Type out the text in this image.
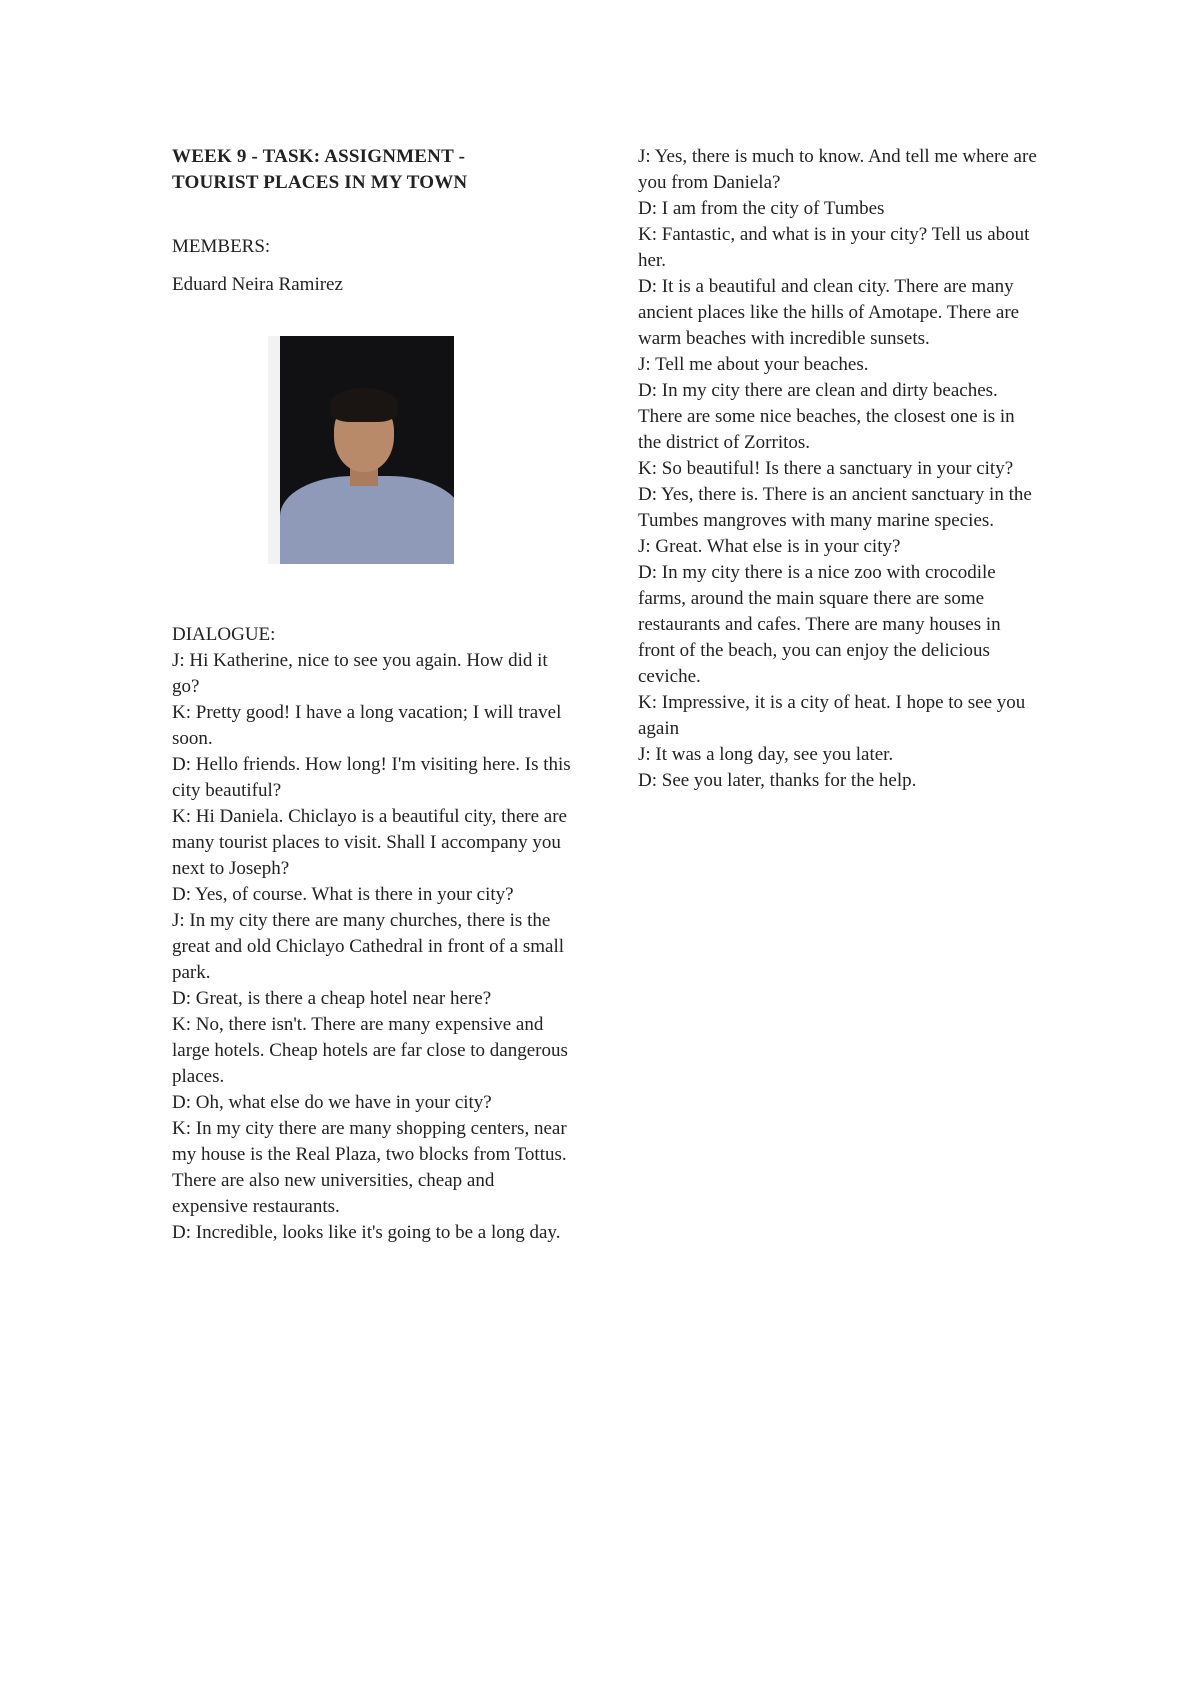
WEEK 9 - TASK: ASSIGNMENT -
TOURIST PLACES IN MY TOWN
MEMBERS:
Eduard Neira Ramirez
DIALOGUE:

J: Hi Katherine, nice to see you again. How did it go?

K: Pretty good! I have a long vacation; I will travel soon.

D: Hello friends. How long! I'm visiting here. Is this city beautiful?

K: Hi Daniela. Chiclayo is a beautiful city, there are many tourist places to visit. Shall I accompany you next to Joseph?

D: Yes, of course. What is there in your city?

J: In my city there are many churches, there is the great and old Chiclayo Cathedral in front of a small park.

D: Great, is there a cheap hotel near here?

K: No, there isn't. There are many expensive and large hotels. Cheap hotels are far close to dangerous places.

D: Oh, what else do we have in your city?

K: In my city there are many shopping centers, near my house is the Real Plaza, two blocks from Tottus. There are also new universities, cheap and expensive restaurants.

D: Incredible, looks like it's going to be a long day.

J: Yes, there is much to know. And tell me where are you from Daniela?

D: I am from the city of Tumbes

K: Fantastic, and what is in your city? Tell us about her.

D: It is a beautiful and clean city. There are many ancient places like the hills of Amotape. There are warm beaches with incredible sunsets.

J: Tell me about your beaches.

D: In my city there are clean and dirty beaches. There are some nice beaches, the closest one is in the district of Zorritos.

K: So beautiful! Is there a sanctuary in your city?

D: Yes, there is. There is an ancient sanctuary in the Tumbes mangroves with many marine species.

J: Great. What else is in your city?

D: In my city there is a nice zoo with crocodile farms, around the main square there are some restaurants and cafes. There are many houses in front of the beach, you can enjoy the delicious ceviche.

K: Impressive, it is a city of heat. I hope to see you again

J: It was a long day, see you later.

D: See you later, thanks for the help.
